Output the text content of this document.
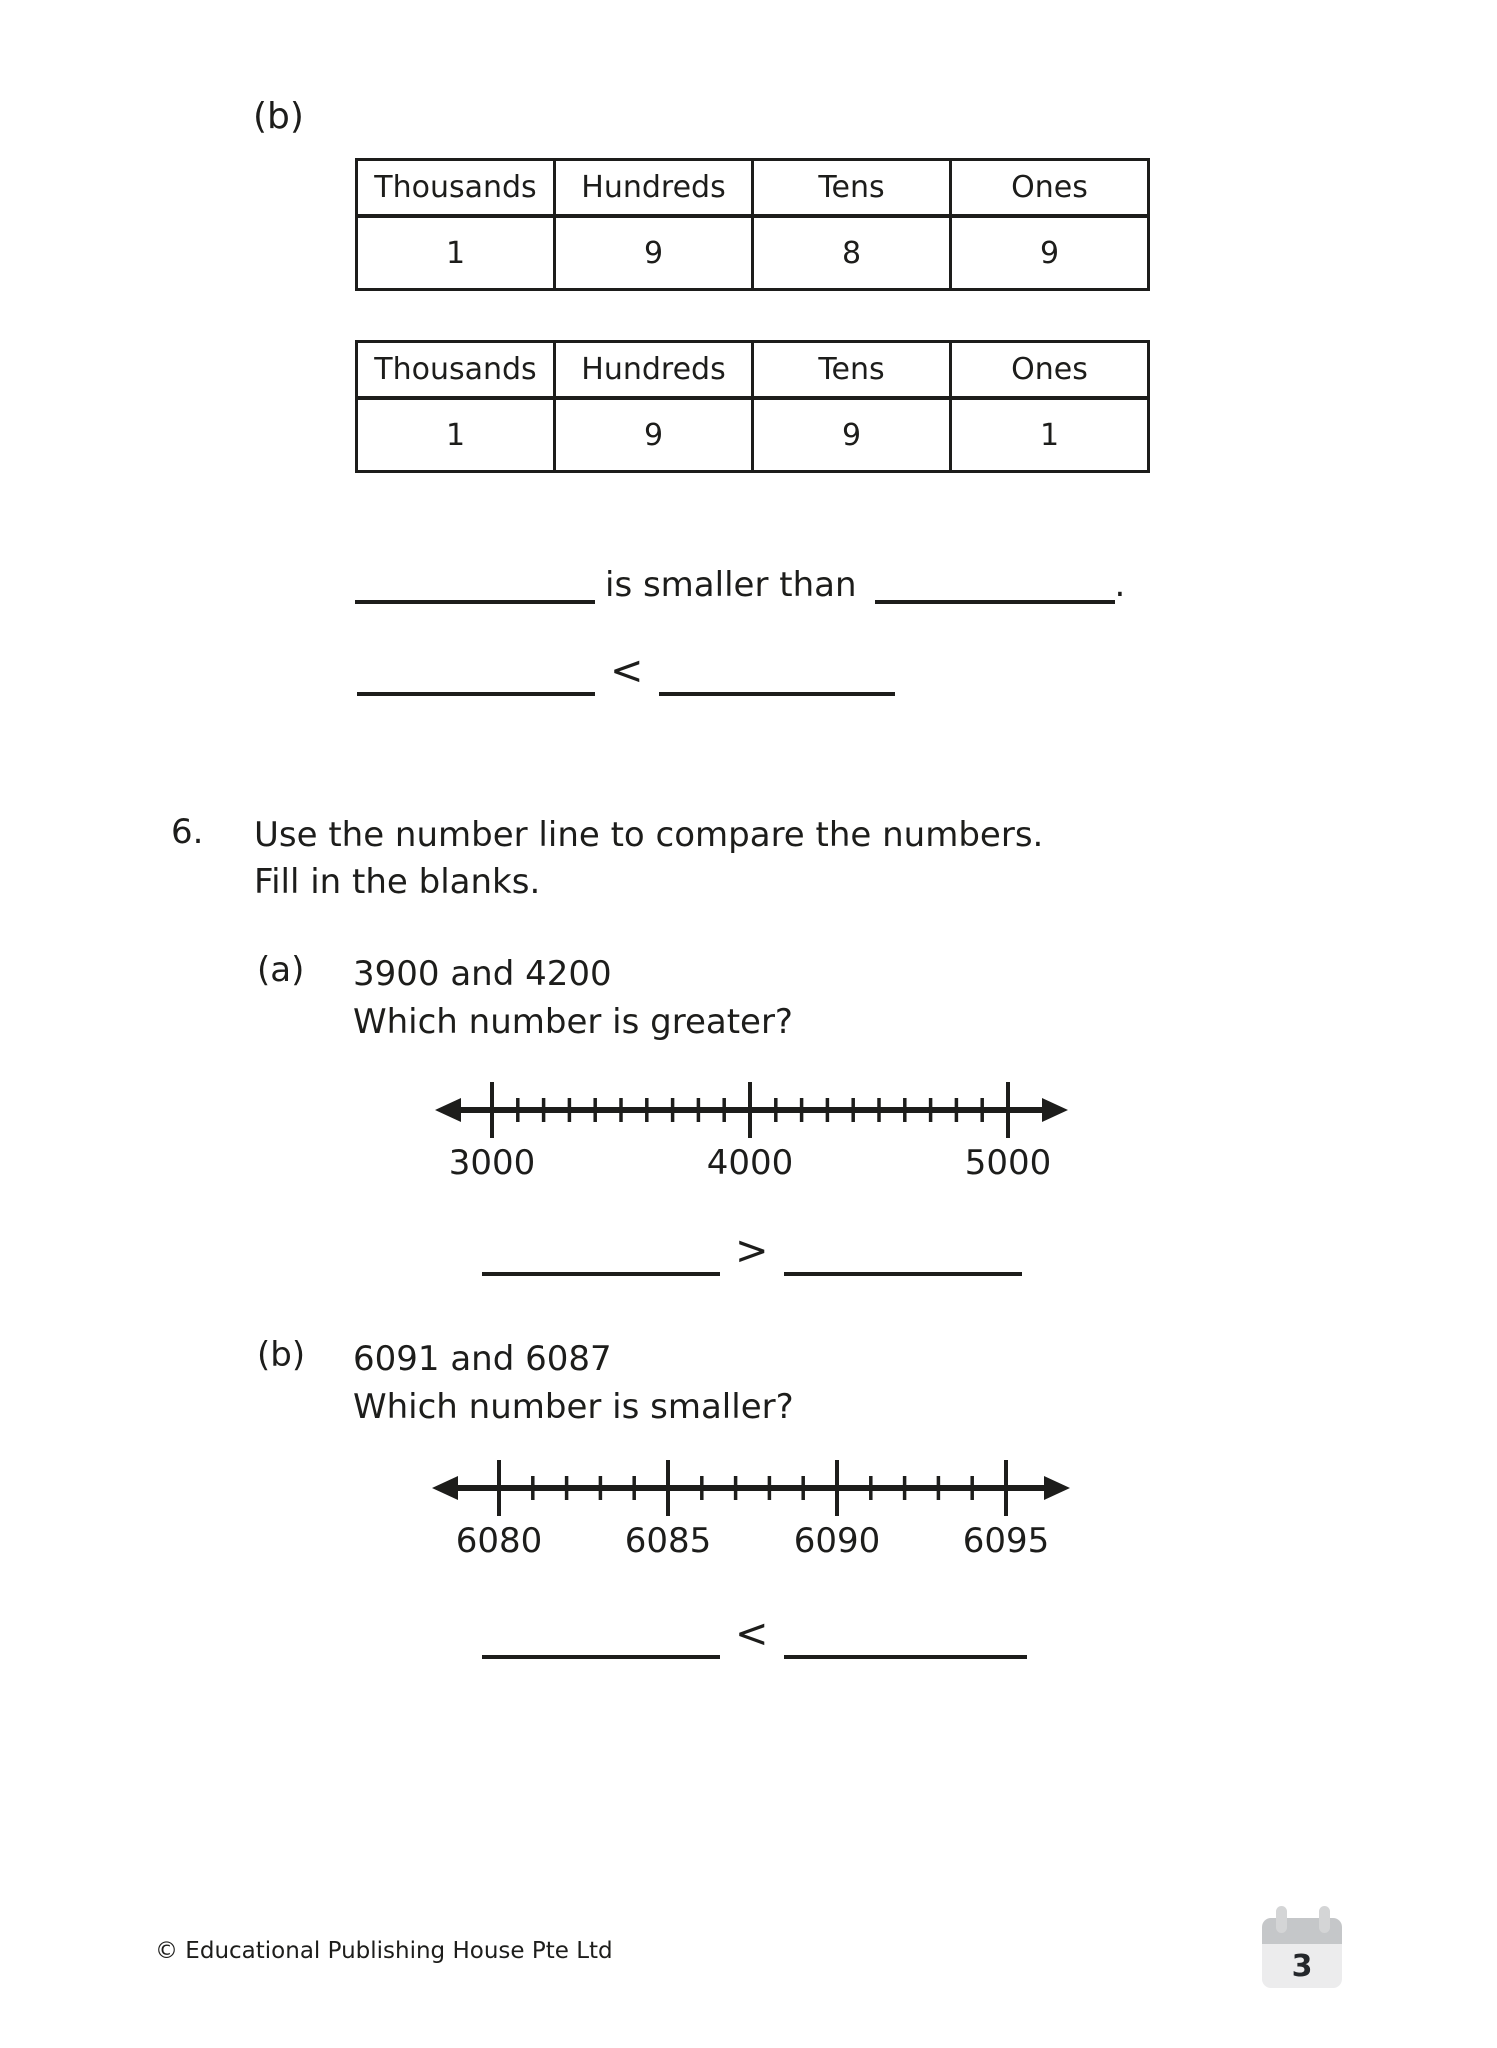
(b)
Thousands	Hundreds	Tens	Ones
1	9	8	9
Thousands	Hundreds	Tens	Ones
1	9	9	1
is smaller than	.
<
6.	Use the number line to compare the numbers.
Fill in the blanks.
(a)	3900 and 4200
Which number is greater?
3000	4000	5000
>
(b)	6091 and 6087
Which number is smaller?
6080 6085 6090 6095
<
© Educational Publishing House Pte Ltd	3
